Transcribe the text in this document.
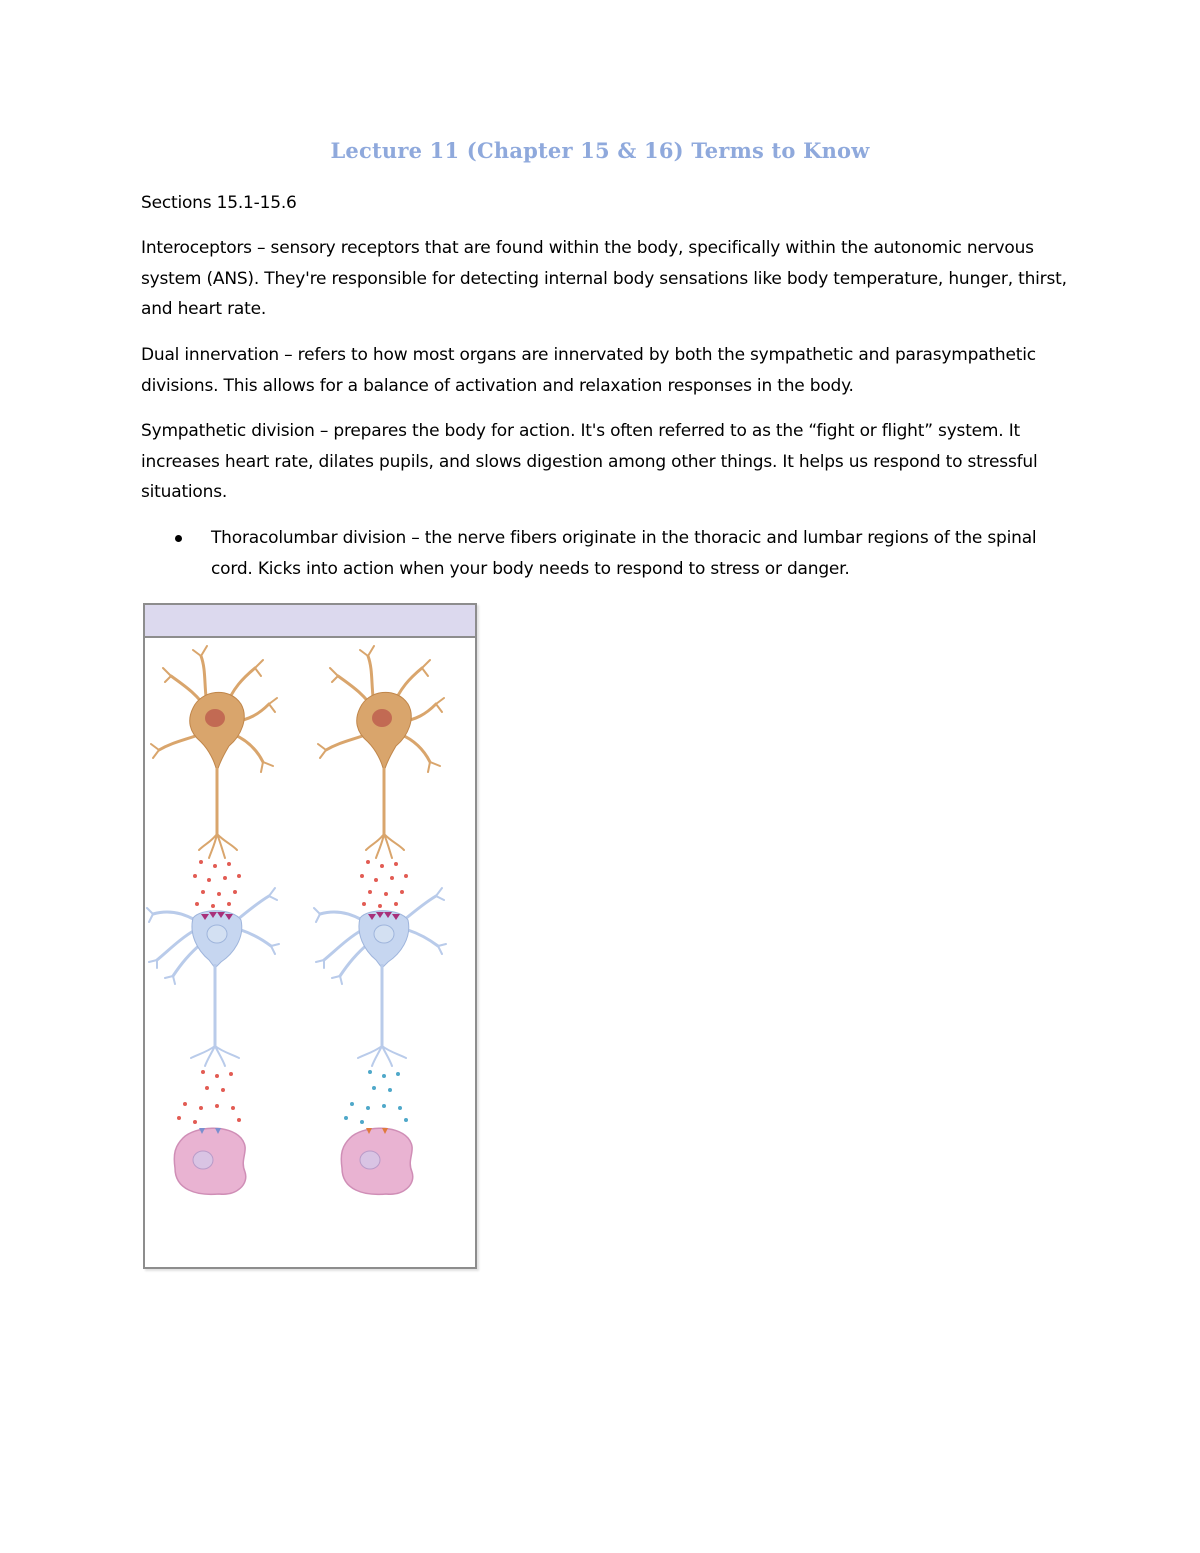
Lecture 11 (Chapter 15 & 16) Terms to Know
Sections 15.1-15.6
Interoceptors – sensory receptors that are found within the body, specifically within the autonomic nervous system (ANS). They're responsible for detecting internal body sensations like body temperature, hunger, thirst, and heart rate.
Dual innervation – refers to how most organs are innervated by both the sympathetic and parasympathetic divisions. This allows for a balance of activation and relaxation responses in the body.
Sympathetic division – prepares the body for action. It's often referred to as the “fight or flight” system. It increases heart rate, dilates pupils, and slows digestion among other things. It helps us respond to stressful situations.
Thoracolumbar division – the nerve fibers originate in the thoracic and lumbar regions of the spinal cord. Kicks into action when your body needs to respond to stress or danger.
